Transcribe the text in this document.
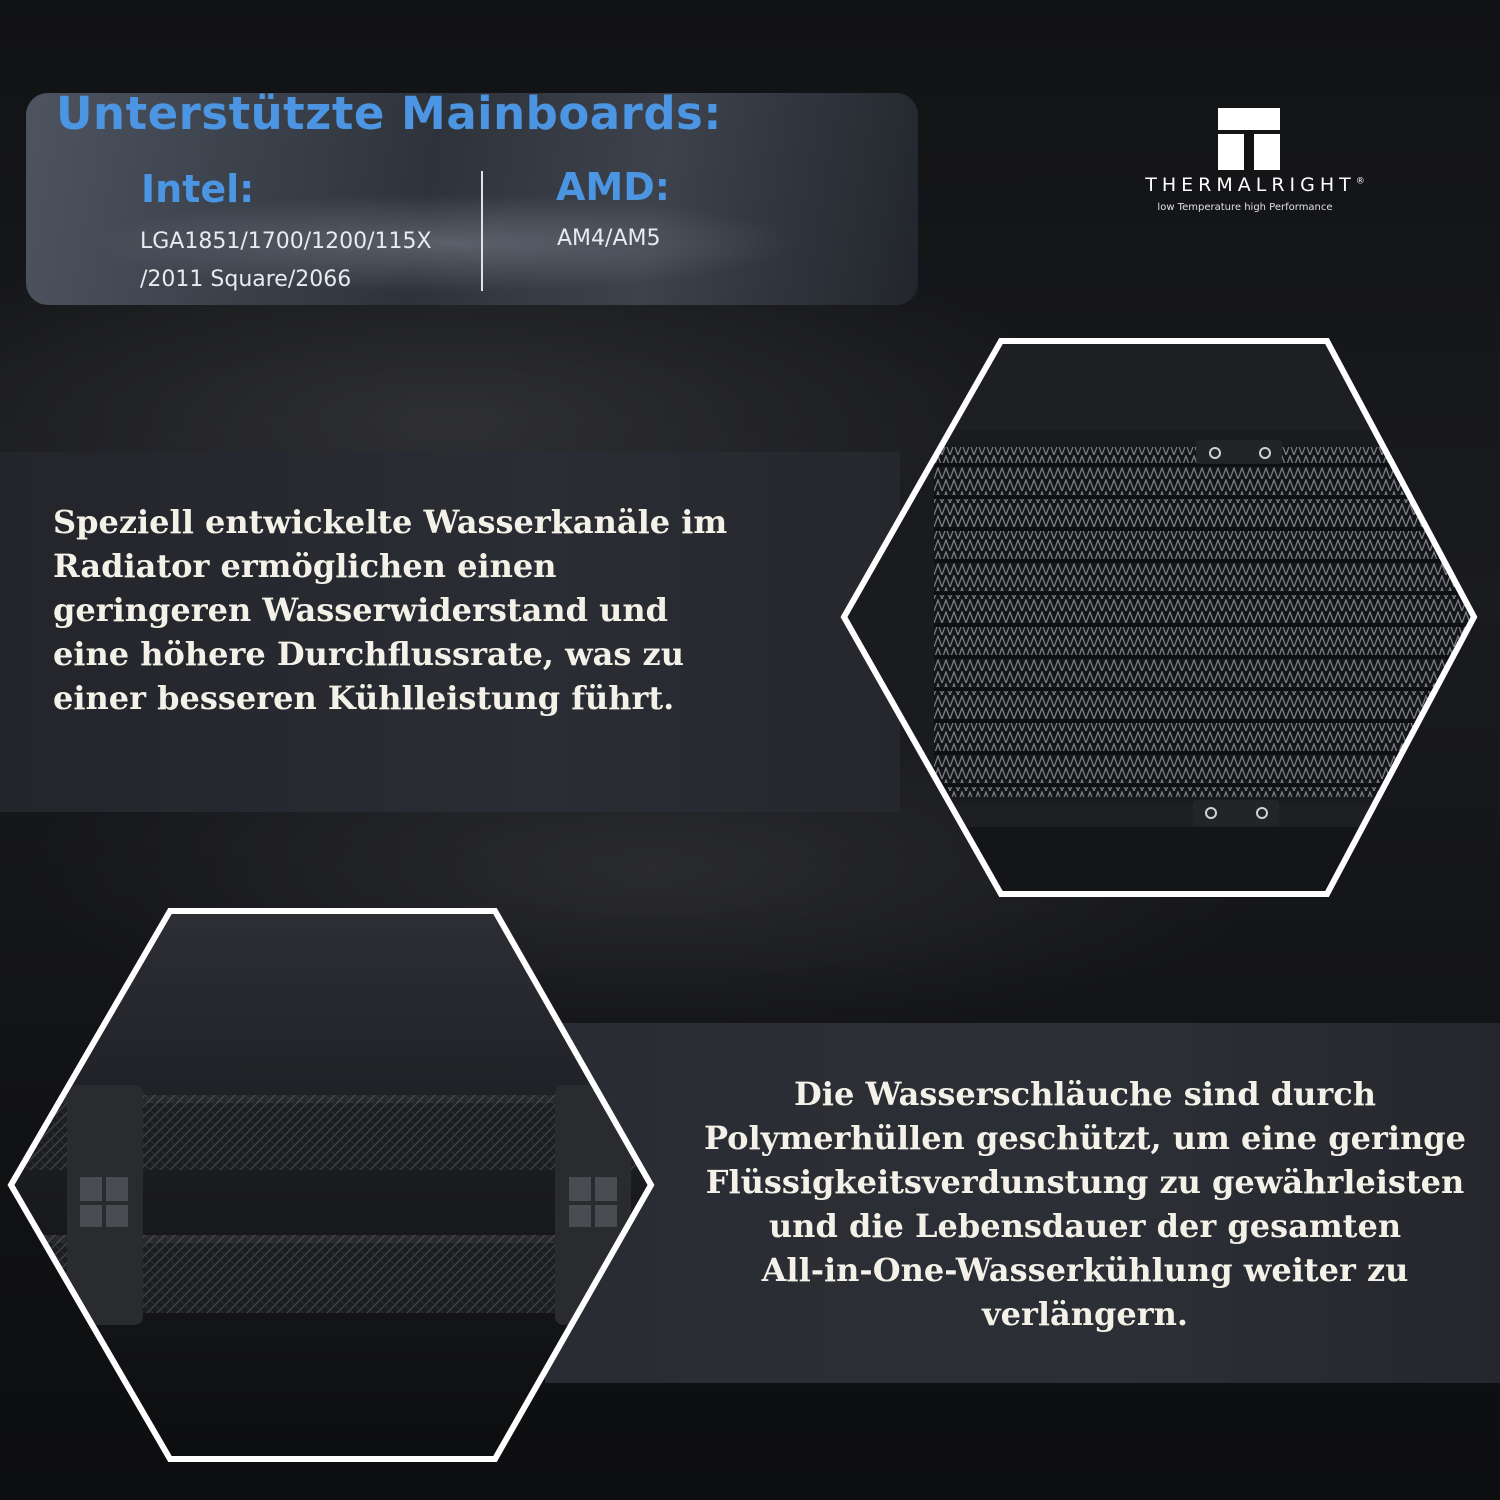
Unterstützte Mainboards:

Intel:

LGA1851/1700/1200/115X

/2011 Square/2066

AMD:

AM4/AM5

THERMALRIGHT®
low Temperature high Performance
Speziell entwickelte Wasserkanäle im
Radiator ermöglichen einen
geringeren Wasserwiderstand und
eine höhere Durchflussrate, was zu
einer besseren Kühlleistung führt.
Die Wasserschläuche sind durch
Polymerhüllen geschützt, um eine geringe
Flüssigkeitsverdunstung zu gewährleisten
und die Lebensdauer der gesamten
All-in-One-Wasserkühlung weiter zu
verlängern.
